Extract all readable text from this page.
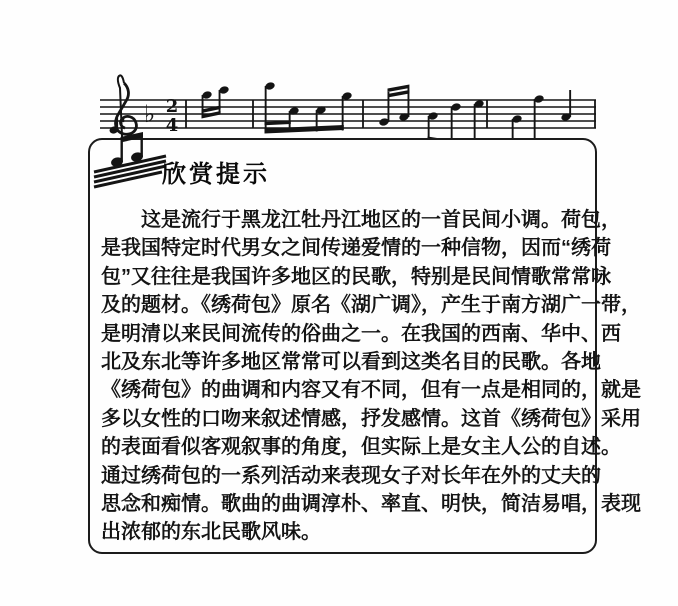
♭ 2
4
欣赏提示
这是流行于黑龙江牡丹江地区的一首民间小调。荷包，
是我国特定时代男女之间传递爱情的一种信物，因而“绣荷
包”又往往是我国许多地区的民歌，特别是民间情歌常常咏
及的题材。《绣荷包》原名《湖广调》，产生于南方湖广一带，
是明清以来民间流传的俗曲之一。在我国的西南、华中、西
北及东北等许多地区常常可以看到这类名目的民歌。各地
《绣荷包》的曲调和内容又有不同，但有一点是相同的，就是
多以女性的口吻来叙述情感，抒发感情。这首《绣荷包》采用
的表面看似客观叙事的角度，但实际上是女主人公的自述。
通过绣荷包的一系列活动来表现女子对长年在外的丈夫的
思念和痴情。歌曲的曲调淳朴、率直、明快，简洁易唱，表现
出浓郁的东北民歌风味。
